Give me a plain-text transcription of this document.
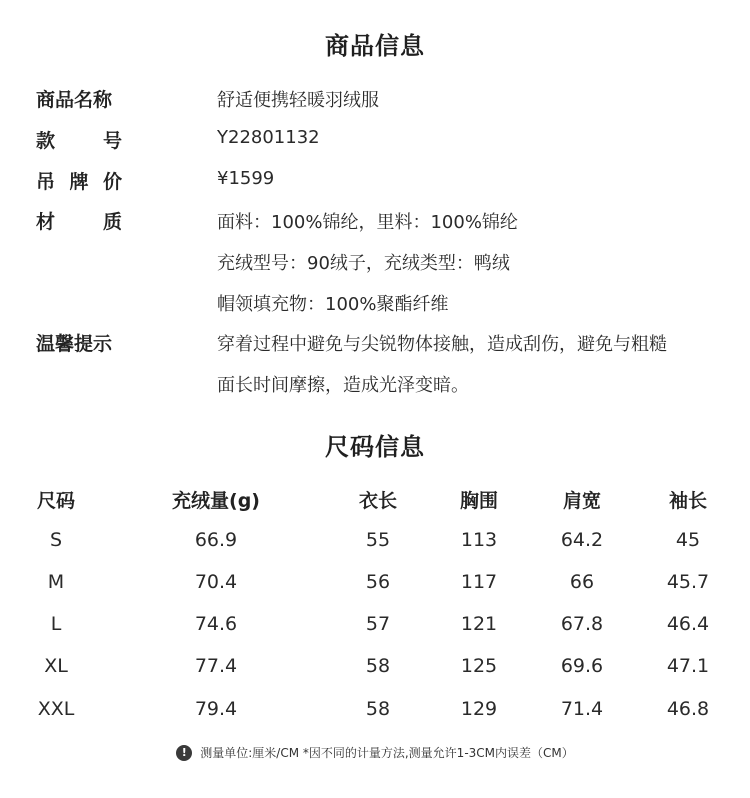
商品信息
商品名称	舒适便携轻暖羽绒服
款	号	Y22801132
吊 牌 价	¥1599
材	质	面料：100%锦纶，里料：100%锦纶
充绒型号：90绒子，充绒类型：鸭绒
帽领填充物：100%聚酯纤维
温馨提示	穿着过程中避免与尖锐物体接触，造成刮伤，避免与粗糙
面长时间摩擦，造成光泽变暗。
尺码信息
尺码	充绒量(g)	衣长	胸围	肩宽	袖长
S	66.9	55	113	64.2	45
M	70.4	56	117	66	45.7
L	74.6	57	121	67.8	46.4
XL	77.4	58	125	69.6	47.1
XXL	79.4	58	129	71.4	46.8
!	测量单位:厘米/CM *因不同的计量方法,测量允许1-3CM内误差（CM）
